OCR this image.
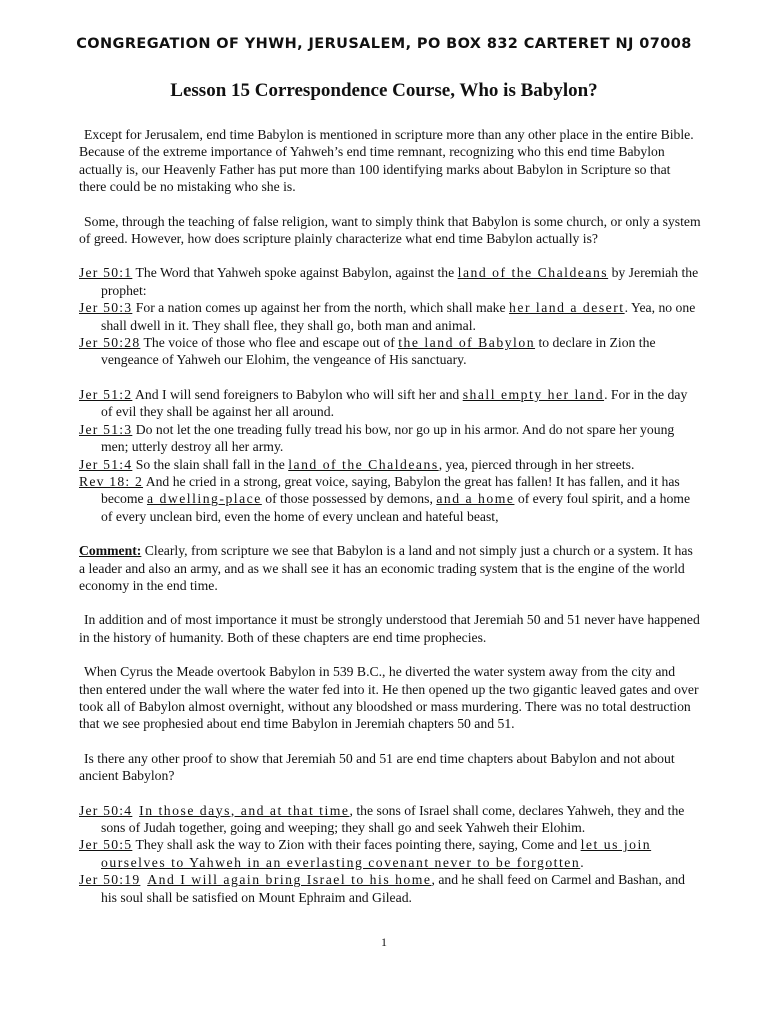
CONGREGATION OF YHWH, JERUSALEM, PO BOX 832 CARTERET NJ 07008
Lesson 15 Correspondence Course, Who is Babylon?

Except for Jerusalem, end time Babylon is mentioned in scripture more than any other place in the entire Bible. Because of the extreme importance of Yahweh’s end time remnant, recognizing who this end time Babylon actually is, our Heavenly Father has put more than 100 identifying marks about Babylon in Scripture so that there could be no mistaking who she is.

Some, through the teaching of false religion, want to simply think that Babylon is some church, or only a system of greed. However, how does scripture plainly characterize what end time Babylon actually is?

Jer 50:1 The Word that Yahweh spoke against Babylon, against the land of the Chaldeans by Jeremiah the prophet:
Jer 50:3 For a nation comes up against her from the north, which shall make her land a desert. Yea, no one shall dwell in it. They shall flee, they shall go, both man and animal.
Jer 50:28 The voice of those who flee and escape out of the land of Babylon to declare in Zion the vengeance of Yahweh our Elohim, the vengeance of His sanctuary.
Jer 51:2 And I will send foreigners to Babylon who will sift her and shall empty her land. For in the day of evil they shall be against her all around.
Jer 51:3 Do not let the one treading fully tread his bow, nor go up in his armor. And do not spare her young men; utterly destroy all her army.
Jer 51:4 So the slain shall fall in the land of the Chaldeans, yea, pierced through in her streets.
Rev 18: 2 And he cried in a strong, great voice, saying, Babylon the great has fallen! It has fallen, and it has become a dwelling-place of those possessed by demons, and a home of every foul spirit, and a home of every unclean bird, even the home of every unclean and hateful beast,

Comment: Clearly, from scripture we see that Babylon is a land and not simply just a church or a system. It has a leader and also an army, and as we shall see it has an economic trading system that is the engine of the world economy in the end time.

In addition and of most importance it must be strongly understood that Jeremiah 50 and 51 never have happened in the history of humanity. Both of these chapters are end time prophecies.

When Cyrus the Meade overtook Babylon in 539 B.C., he diverted the water system away from the city and then entered under the wall where the water fed into it. He then opened up the two gigantic leaved gates and over took all of Babylon almost overnight, without any bloodshed or mass murdering. There was no total destruction that we see prophesied about end time Babylon in Jeremiah chapters 50 and 51.

Is there any other proof to show that Jeremiah 50 and 51 are end time chapters about Babylon and not about ancient Babylon?

Jer 50:4 In those days, and at that time, the sons of Israel shall come, declares Yahweh, they and the sons of Judah together, going and weeping; they shall go and seek Yahweh their Elohim.
Jer 50:5 They shall ask the way to Zion with their faces pointing there, saying, Come and let us join ourselves to Yahweh in an everlasting covenant never to be forgotten.
Jer 50:19 And I will again bring Israel to his home, and he shall feed on Carmel and Bashan, and his soul shall be satisfied on Mount Ephraim and Gilead.
1
